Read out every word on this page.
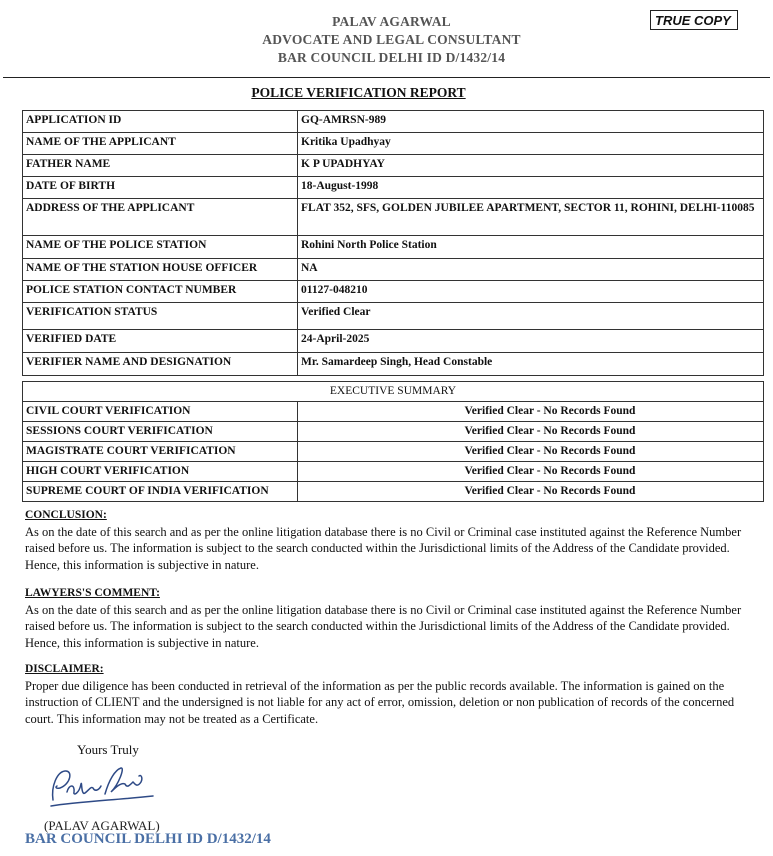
PALAV AGARWAL
ADVOCATE AND LEGAL CONSULTANT
BAR COUNCIL DELHI ID D/1432/14
TRUE COPY
POLICE VERIFICATION REPORT
APPLICATION ID	GQ-AMRSN-989
NAME OF THE APPLICANT	Kritika Upadhyay
FATHER NAME	K P UPADHYAY
DATE OF BIRTH	18-August-1998
ADDRESS OF THE APPLICANT	FLAT 352, SFS, GOLDEN JUBILEE APARTMENT, SECTOR 11, ROHINI, DELHI-110085
NAME OF THE POLICE STATION	Rohini North Police Station
NAME OF THE STATION HOUSE OFFICER	NA
POLICE STATION CONTACT NUMBER	01127-048210
VERIFICATION STATUS	Verified Clear
VERIFIED DATE	24-April-2025
VERIFIER NAME AND DESIGNATION	Mr. Samardeep Singh, Head Constable
EXECUTIVE SUMMARY	
CIVIL COURT VERIFICATION	Verified Clear - No Records Found
SESSIONS COURT VERIFICATION	Verified Clear - No Records Found
MAGISTRATE COURT VERIFICATION	Verified Clear - No Records Found
HIGH COURT VERIFICATION	Verified Clear - No Records Found
SUPREME COURT OF INDIA VERIFICATION	Verified Clear - No Records Found
CONCLUSION:
As on the date of this search and as per the online litigation database there is no Civil or Criminal case instituted against the Reference Number raised before us. The information is subject to the search conducted within the Jurisdictional limits of the Address of the Candidate provided. Hence, this information is subjective in nature.
LAWYERS'S COMMENT:
As on the date of this search and as per the online litigation database there is no Civil or Criminal case instituted against the Reference Number raised before us. The information is subject to the search conducted within the Jurisdictional limits of the Address of the Candidate provided. Hence, this information is subjective in nature.
DISCLAIMER:
Proper due diligence has been conducted in retrieval of the information as per the public records available. The information is gained on the instruction of CLIENT and the undersigned is not liable for any act of error, omission, deletion or non publication of records of the concerned court. This information may not be treated as a Certificate.
Yours Truly
(PALAV AGARWAL)
BAR COUNCIL DELHI ID D/1432/14
